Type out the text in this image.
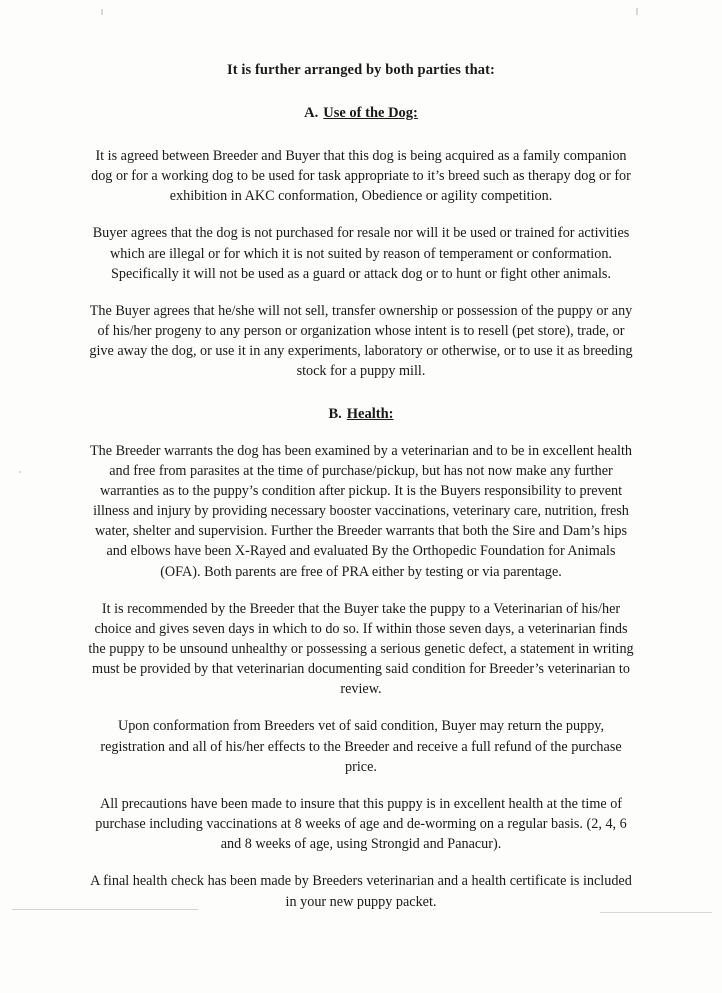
It is further arranged by both parties that:

A. Use of the Dog:

It is agreed between Breeder and Buyer that this dog is being acquired as a family companion dog or for a working dog to be used for task appropriate to it’s breed such as therapy dog or for exhibition in AKC conformation, Obedience or agility competition.

Buyer agrees that the dog is not purchased for resale nor will it be used or trained for activities which are illegal or for which it is not suited by reason of temperament or conformation. Specifically it will not be used as a guard or attack dog or to hunt or fight other animals.

The Buyer agrees that he/she will not sell, transfer ownership or possession of the puppy or any of his/her progeny to any person or organization whose intent is to resell (pet store), trade, or give away the dog, or use it in any experiments, laboratory or otherwise, or to use it as breeding stock for a puppy mill.

B. Health:

The Breeder warrants the dog has been examined by a veterinarian and to be in excellent health and free from parasites at the time of purchase/pickup, but has not now make any further warranties as to the puppy’s condition after pickup. It is the Buyers responsibility to prevent illness and injury by providing necessary booster vaccinations, veterinary care, nutrition, fresh water, shelter and supervision. Further the Breeder warrants that both the Sire and Dam’s hips and elbows have been X-Rayed and evaluated By the Orthopedic Foundation for Animals (OFA). Both parents are free of PRA either by testing or via parentage.

It is recommended by the Breeder that the Buyer take the puppy to a Veterinarian of his/her choice and gives seven days in which to do so. If within those seven days, a veterinarian finds the puppy to be unsound unhealthy or possessing a serious genetic defect, a statement in writing must be provided by that veterinarian documenting said condition for Breeder’s veterinarian to review.

Upon conformation from Breeders vet of said condition, Buyer may return the puppy, registration and all of his/her effects to the Breeder and receive a full refund of the purchase price.

All precautions have been made to insure that this puppy is in excellent health at the time of purchase including vaccinations at 8 weeks of age and de-worming on a regular basis. (2, 4, 6 and 8 weeks of age, using Strongid and Panacur).

A final health check has been made by Breeders veterinarian and a health certificate is included in your new puppy packet.
